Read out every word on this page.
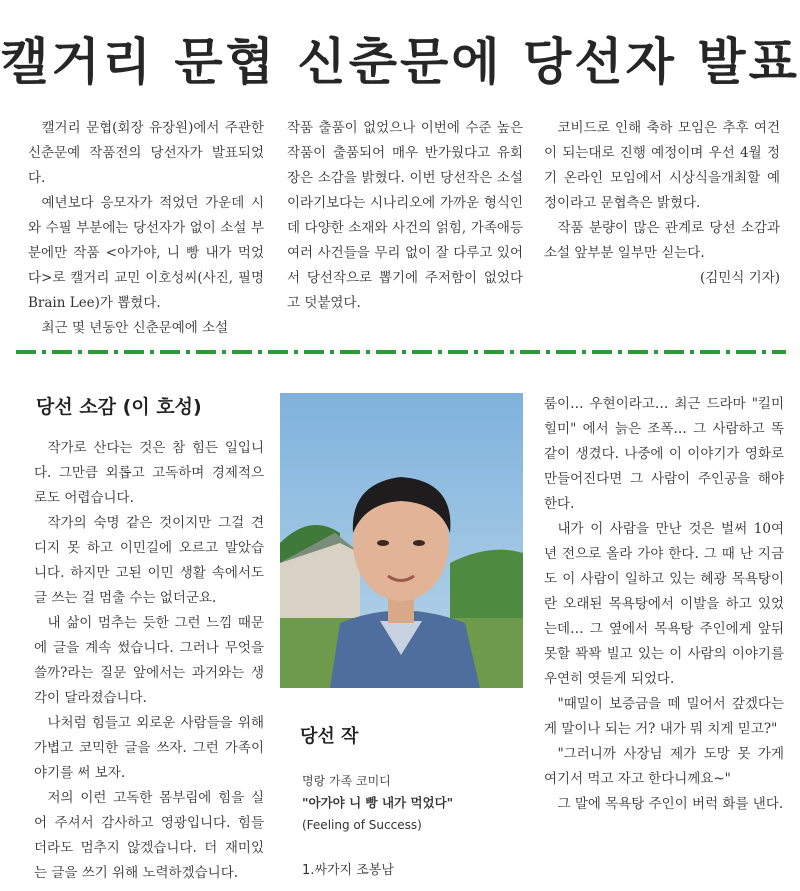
캘거리 문협 신춘문에 당선자 발표

캘거리 문협(회장 유장원)에서 주관한 신춘문예 작품전의 당선자가 발표되었다.

예년보다 응모자가 적었던 가운데 시와 수필 부분에는 당선자가 없이 소설 부분에만 작품 <아가야, 니 빵 내가 먹었다>로 캘거리 교민 이호성씨(사진, 필명 Brain Lee)가 뽑혔다.

최근 몇 년동안 신춘문예에 소설

작품 출품이 없었으나 이번에 수준 높은 작품이 출품되어 매우 반가웠다고 유회장은 소감을 밝혔다. 이번 당선작은 소설이라기보다는 시나리오에 가까운 형식인데 다양한 소재와 사건의 얽힘, 가족애등 여러 사건들을 무리 없이 잘 다루고 있어서 당선작으로 뽑기에 주저함이 없었다고 덧붙였다.

코비드로 인해 축하 모임은 추후 여건이 되는대로 진행 예정이며 우선 4월 정기 온라인 모임에서 시상식을개최할 예정이라고 문협측은 밝혔다.

작품 분량이 많은 관계로 당선 소감과 소설 앞부분 일부만 싣는다.

(김민식 기자)

당선 소감 (이 호성)

작가로 산다는 것은 참 힘든 일입니다. 그만큼 외롭고 고독하며 경제적으로도 어렵습니다.

작가의 숙명 같은 것이지만 그걸 견디지 못 하고 이민길에 오르고 말았습니다. 하지만 고된 이민 생활 속에서도 글 쓰는 걸 멈출 수는 없더군요.

내 삶이 멈추는 듯한 그런 느낌 때문에 글을 계속 썼습니다. 그러나 무엇을 쓸까?라는 질문 앞에서는 과거와는 생각이 달라졌습니다.

나처럼 힘들고 외로운 사람들을 위해 가볍고 코믹한 글을 쓰자. 그런 가족이야기를 써 보자.

저의 이런 고독한 몸부림에 힘을 실어 주셔서 감사하고 영광입니다. 힘들더라도 멈추지 않겠습니다. 더 재미있는 글을 쓰기 위해 노력하겠습니다.

당선 작
명랑 가족 코미디
"아가야 니 빵 내가 먹었다"
(Feeling of Success)
1.싸가지 조봉남

룸이… 우현이라고… 최근 드라마 "킬미 힐미" 에서 늙은 조폭… 그 사람하고 똑같이 생겼다. 나중에 이 이야기가 영화로 만들어진다면 그 사람이 주인공을 해야 한다.

내가 이 사람을 만난 것은 벌써 10여 년 전으로 올라 가야 한다. 그 때 난 지금도 이 사람이 일하고 있는 혜광 목욕탕이란 오래된 목욕탕에서 이발을 하고 있었는데… 그 옆에서 목욕탕 주인에게 앞뒤 못할 꽉꽉 빌고 있는 이 사람의 이야기를 우연히 엿듣게 되었다.

"때밀이 보증금을 떼 밀어서 갚겠다는 게 말이나 되는 거? 내가 뭐 치게 믿고?"

"그러니까 사장님 제가 도망 못 가게 여기서 먹고 자고 한다니께요~"

그 말에 목욕탕 주인이 버럭 화를 낸다.
